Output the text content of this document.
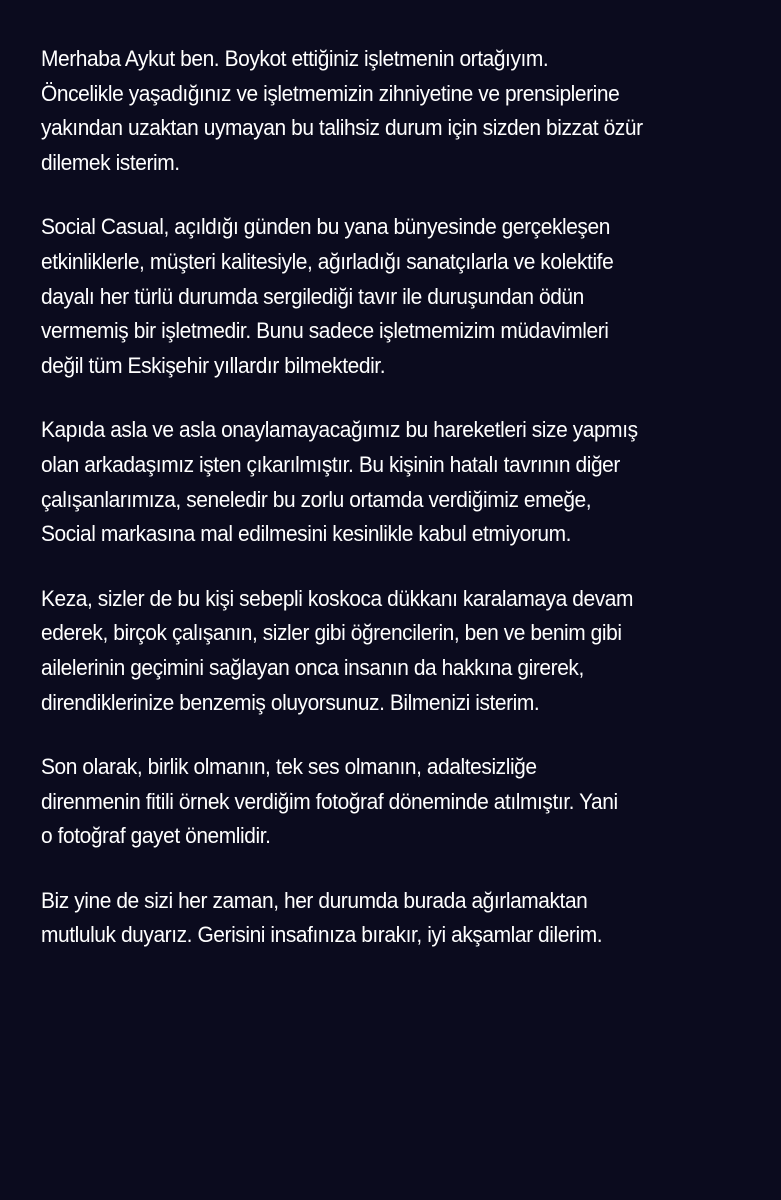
Merhaba Aykut ben. Boykot ettiğiniz işletmenin ortağıyım.
Öncelikle yaşadığınız ve işletmemizin zihniyetine ve prensiplerine
yakından uzaktan uymayan bu talihsiz durum için sizden bizzat özür
dilemek isterim.
Social Casual, açıldığı günden bu yana bünyesinde gerçekleşen
etkinliklerle, müşteri kalitesiyle, ağırladığı sanatçılarla ve kolektife
dayalı her türlü durumda sergilediği tavır ile duruşundan ödün
vermemiş bir işletmedir. Bunu sadece işletmemizim müdavimleri
değil tüm Eskişehir yıllardır bilmektedir.
Kapıda asla ve asla onaylamayacağımız bu hareketleri size yapmış
olan arkadaşımız işten çıkarılmıştır. Bu kişinin hatalı tavrının diğer
çalışanlarımıza, seneledir bu zorlu ortamda verdiğimiz emeğe,
Social markasına mal edilmesini kesinlikle kabul etmiyorum.
Keza, sizler de bu kişi sebepli koskoca dükkanı karalamaya devam
ederek, birçok çalışanın, sizler gibi öğrencilerin, ben ve benim gibi
ailelerinin geçimini sağlayan onca insanın da hakkına girerek,
direndiklerinize benzemiş oluyorsunuz. Bilmenizi isterim.
Son olarak, birlik olmanın, tek ses olmanın, adaltesizliğe
direnmenin fitili örnek verdiğim fotoğraf döneminde atılmıştır. Yani
o fotoğraf gayet önemlidir.
Biz yine de sizi her zaman, her durumda burada ağırlamaktan
mutluluk duyarız. Gerisini insafınıza bırakır, iyi akşamlar dilerim.
